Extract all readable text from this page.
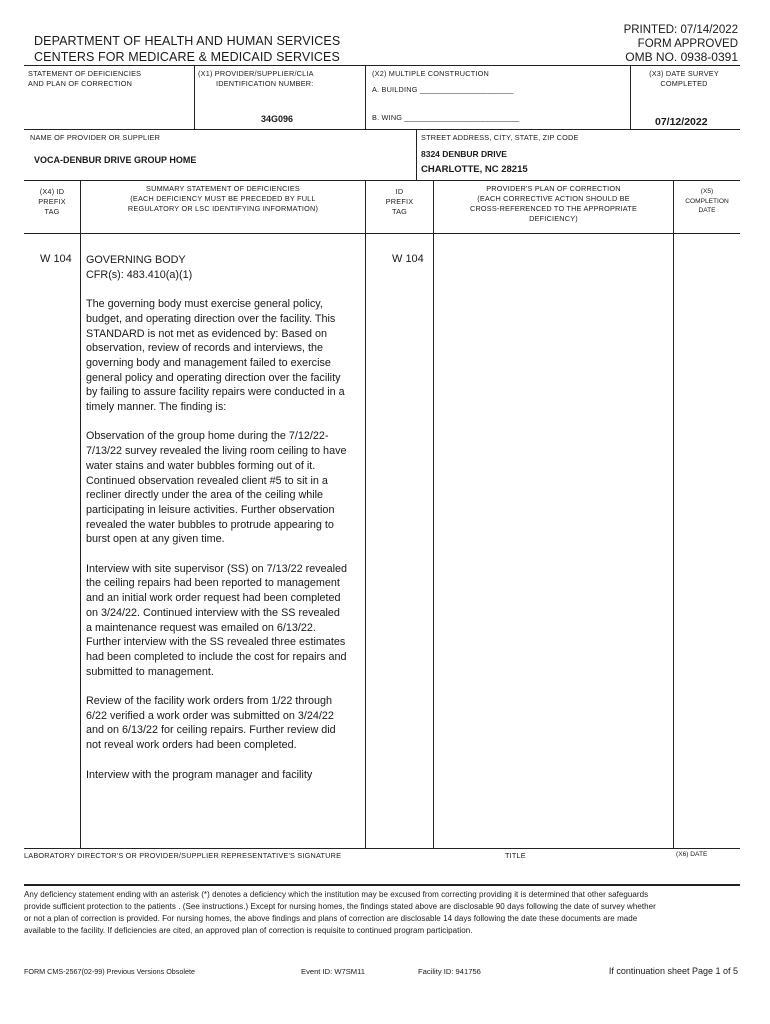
DEPARTMENT OF HEALTH AND HUMAN SERVICES
CENTERS FOR MEDICARE & MEDICAID SERVICES
PRINTED: 07/14/2022
FORM APPROVED
OMB NO. 0938-0391
STATEMENT OF DEFICIENCIES
AND PLAN OF CORRECTION
(X1) PROVIDER/SUPPLIER/CLIA
IDENTIFICATION NUMBER:
34G096
(X2) MULTIPLE CONSTRUCTION
A. BUILDING ______________________
B. WING ___________________________
(X3) DATE SURVEY
COMPLETED
07/12/2022
NAME OF PROVIDER OR SUPPLIER
VOCA-DENBUR DRIVE GROUP HOME
STREET ADDRESS, CITY, STATE, ZIP CODE
8324 DENBUR DRIVE
CHARLOTTE, NC 28215
(X4) ID
PREFIX
TAG
SUMMARY STATEMENT OF DEFICIENCIES
(EACH DEFICIENCY MUST BE PRECEDED BY FULL
REGULATORY OR LSC IDENTIFYING INFORMATION)
ID
PREFIX
TAG
PROVIDER'S PLAN OF CORRECTION
(EACH CORRECTIVE ACTION SHOULD BE
CROSS-REFERENCED TO THE APPROPRIATE
DEFICIENCY)
(X5)
COMPLETION
DATE
W 104	W 104
GOVERNING BODY
CFR(s): 483.410(a)(1)

The governing body must exercise general policy, budget, and operating direction over the facility. This STANDARD is not met as evidenced by: Based on observation, review of records and interviews, the governing body and management failed to exercise general policy and operating direction over the facility by failing to assure facility repairs were conducted in a timely manner. The finding is:

Observation of the group home during the 7/12/22- 7/13/22 survey revealed the living room ceiling to have water stains and water bubbles forming out of it. Continued observation revealed client #5 to sit in a recliner directly under the area of the ceiling while participating in leisure activities. Further observation revealed the water bubbles to protrude appearing to burst open at any given time.

Interview with site supervisor (SS) on 7/13/22 revealed the ceiling repairs had been reported to management and an initial work order request had been completed on 3/24/22. Continued interview with the SS revealed a maintenance request was emailed on 6/13/22. Further interview with the SS revealed three estimates had been completed to include the cost for repairs and submitted to management.

Review of the facility work orders from 1/22 through 6/22 verified a work order was submitted on 3/24/22 and on 6/13/22 for ceiling repairs. Further review did not reveal work orders had been completed.

Interview with the program manager and facility

LABORATORY DIRECTOR'S OR PROVIDER/SUPPLIER REPRESENTATIVE'S SIGNATURE	TITLE	(X6) DATE
Any deficiency statement ending with an asterisk (*) denotes a deficiency which the institution may be excused from correcting providing it is determined that other safeguards provide sufficient protection to the patients . (See instructions.) Except for nursing homes, the findings stated above are disclosable 90 days following the date of survey whether or not a plan of correction is provided. For nursing homes, the above findings and plans of correction are disclosable 14 days following the date these documents are made available to the facility. If deficiencies are cited, an approved plan of correction is requisite to continued program participation.
FORM CMS-2567(02-99) Previous Versions Obsolete	Event ID: W7SM11	Facility ID: 941756	If continuation sheet Page 1 of 5
